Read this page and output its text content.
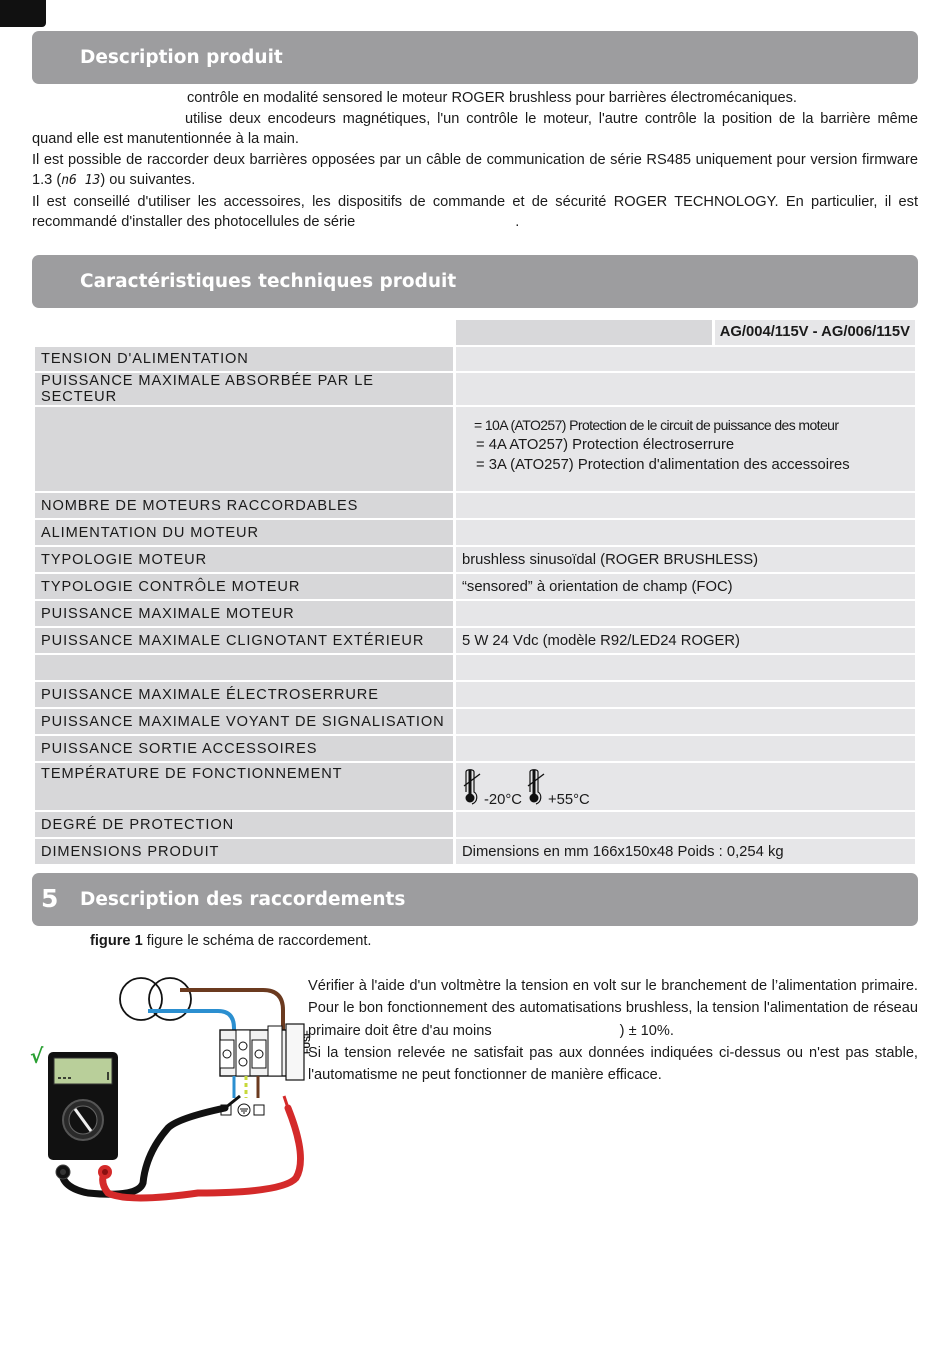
Description produit

contrôle en modalité sensored le moteur ROGER brushless pour barrières électromécaniques.

utilise deux encodeurs magnétiques, l'un contrôle le moteur, l'autre contrôle la position de la barrière même quand elle est manutentionnée à la main.

Il est possible de raccorder deux barrières opposées par un câble de communication de série RS485 uniquement pour version firmware 1.3 (n6 13) ou suivantes.

Il est conseillé d'utiliser les accessoires, les dispositifs de commande et de sécurité ROGER TECHNOLOGY. En particulier, il est recommandé d'installer des photocellules de série	.

Caractéristiques techniques produit

	AG/004/115V - AG/006/115V

TENSION D'ALIMENTATION	
PUISSANCE MAXIMALE ABSORBÉE PAR LE SECTEUR	

	= 10A (ATO257) Protection de le circuit de puissance des moteur
= 4A ATO257) Protection électroserrure
= 3A (ATO257) Protection d'alimentation des accessoires

NOMBRE DE MOTEURS RACCORDABLES	
ALIMENTATION DU MOTEUR	
TYPOLOGIE MOTEUR	brushless sinusoïdal (ROGER BRUSHLESS)
TYPOLOGIE CONTRÔLE MOTEUR	“sensored” à orientation de champ (FOC)
PUISSANCE MAXIMALE MOTEUR	
PUISSANCE MAXIMALE CLIGNOTANT EXTÉRIEUR	5 W 24 Vdc (modèle R92/LED24 ROGER)

PUISSANCE MAXIMALE ÉLECTROSERRURE	
PUISSANCE MAXIMALE VOYANT DE SIGNALISATION	
PUISSANCE SORTIE ACCESSOIRES	
TEMPÉRATURE DE FONCTIONNEMENT	-20°C +55°C
DEGRÉ DE PROTECTION	
DIMENSIONS PRODUIT	Dimensions en mm 166x150x48 Poids : 0,254 kg
5 Description des raccordements
figure 1 figure le schéma de raccordement.
√
FUSE

Vérifier à l'aide d'un voltmètre la tension en volt sur le branchement de l’alimentation primaire. Pour le bon fonctionnement des automatisations brushless, la tension l'alimentation de réseau primaire doit être d'au moins	) ± 10%.

Si la tension relevée ne satisfait pas aux données indiquées ci-dessus ou n'est pas stable, l'automatisme ne peut fonctionner de manière efficace.
